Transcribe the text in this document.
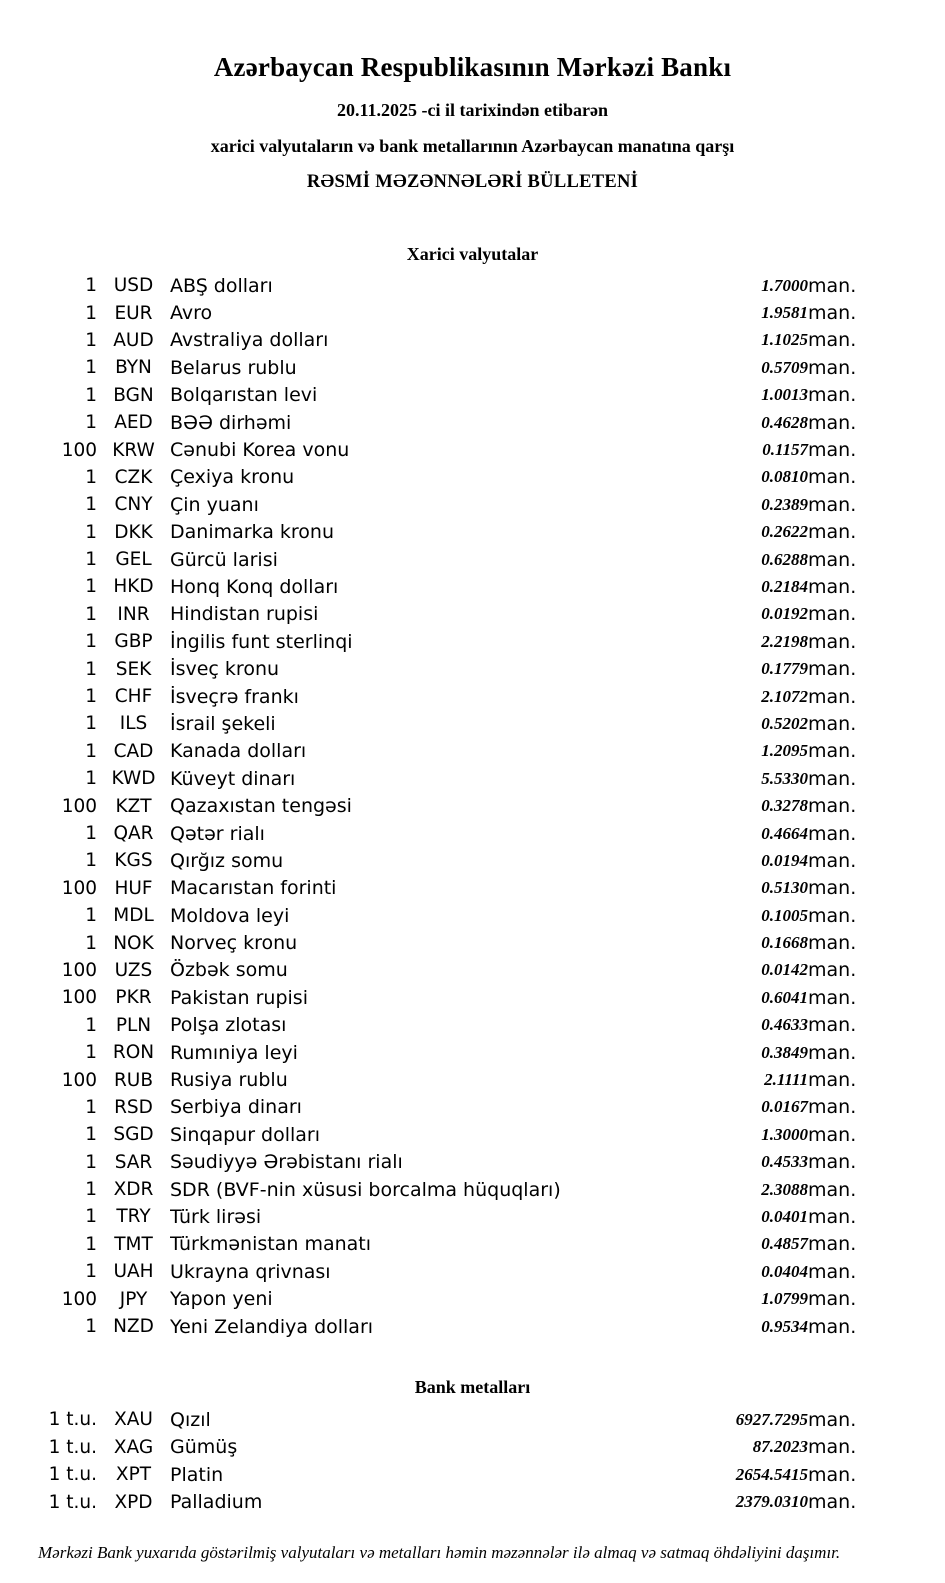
Azərbaycan Respublikasının Mərkəzi Bankı

20.11.2025 -ci il tarixindən etibarən

xarici valyutaların və bank metallarının Azərbaycan manatına qarşı

RƏSMİ MƏZƏNNƏLƏRİ BÜLLETENİ

Xarici valyutalar
1	USD	ABŞ dolları	1.7000	man.
1	EUR	Avro	1.9581	man.
1	AUD	Avstraliya dolları	1.1025	man.
1	BYN	Belarus rublu	0.5709	man.
1	BGN	Bolqarıstan levi	1.0013	man.
1	AED	BƏƏ dirhəmi	0.4628	man.
100	KRW	Cənubi Korea vonu	0.1157	man.
1	CZK	Çexiya kronu	0.0810	man.
1	CNY	Çin yuanı	0.2389	man.
1	DKK	Danimarka kronu	0.2622	man.
1	GEL	Gürcü larisi	0.6288	man.
1	HKD	Honq Konq dolları	0.2184	man.
1	INR	Hindistan rupisi	0.0192	man.
1	GBP	İngilis funt sterlinqi	2.2198	man.
1	SEK	İsveç kronu	0.1779	man.
1	CHF	İsveçrə frankı	2.1072	man.
1	ILS	İsrail şekeli	0.5202	man.
1	CAD	Kanada dolları	1.2095	man.
1	KWD	Küveyt dinarı	5.5330	man.
100	KZT	Qazaxıstan tengəsi	0.3278	man.
1	QAR	Qətər rialı	0.4664	man.
1	KGS	Qırğız somu	0.0194	man.
100	HUF	Macarıstan forinti	0.5130	man.
1	MDL	Moldova leyi	0.1005	man.
1	NOK	Norveç kronu	0.1668	man.
100	UZS	Özbək somu	0.0142	man.
100	PKR	Pakistan rupisi	0.6041	man.
1	PLN	Polşa zlotası	0.4633	man.
1	RON	Rumıniya leyi	0.3849	man.
100	RUB	Rusiya rublu	2.1111	man.
1	RSD	Serbiya dinarı	0.0167	man.
1	SGD	Sinqapur dolları	1.3000	man.
1	SAR	Səudiyyə Ərəbistanı rialı	0.4533	man.
1	XDR	SDR (BVF-nin xüsusi borcalma hüquqları)	2.3088	man.
1	TRY	Türk lirəsi	0.0401	man.
1	TMT	Türkmənistan manatı	0.4857	man.
1	UAH	Ukrayna qrivnası	0.0404	man.
100	JPY	Yapon yeni	1.0799	man.
1	NZD	Yeni Zelandiya dolları	0.9534	man.
Bank metalları
1 t.u.	XAU	Qızıl	6927.7295	man.
1 t.u.	XAG	Gümüş	87.2023	man.
1 t.u.	XPT	Platin	2654.5415	man.
1 t.u.	XPD	Palladium	2379.0310	man.

Mərkəzi Bank yuxarıda göstərilmiş valyutaları və metalları həmin məzənnələr ilə almaq və satmaq öhdəliyini daşımır.
